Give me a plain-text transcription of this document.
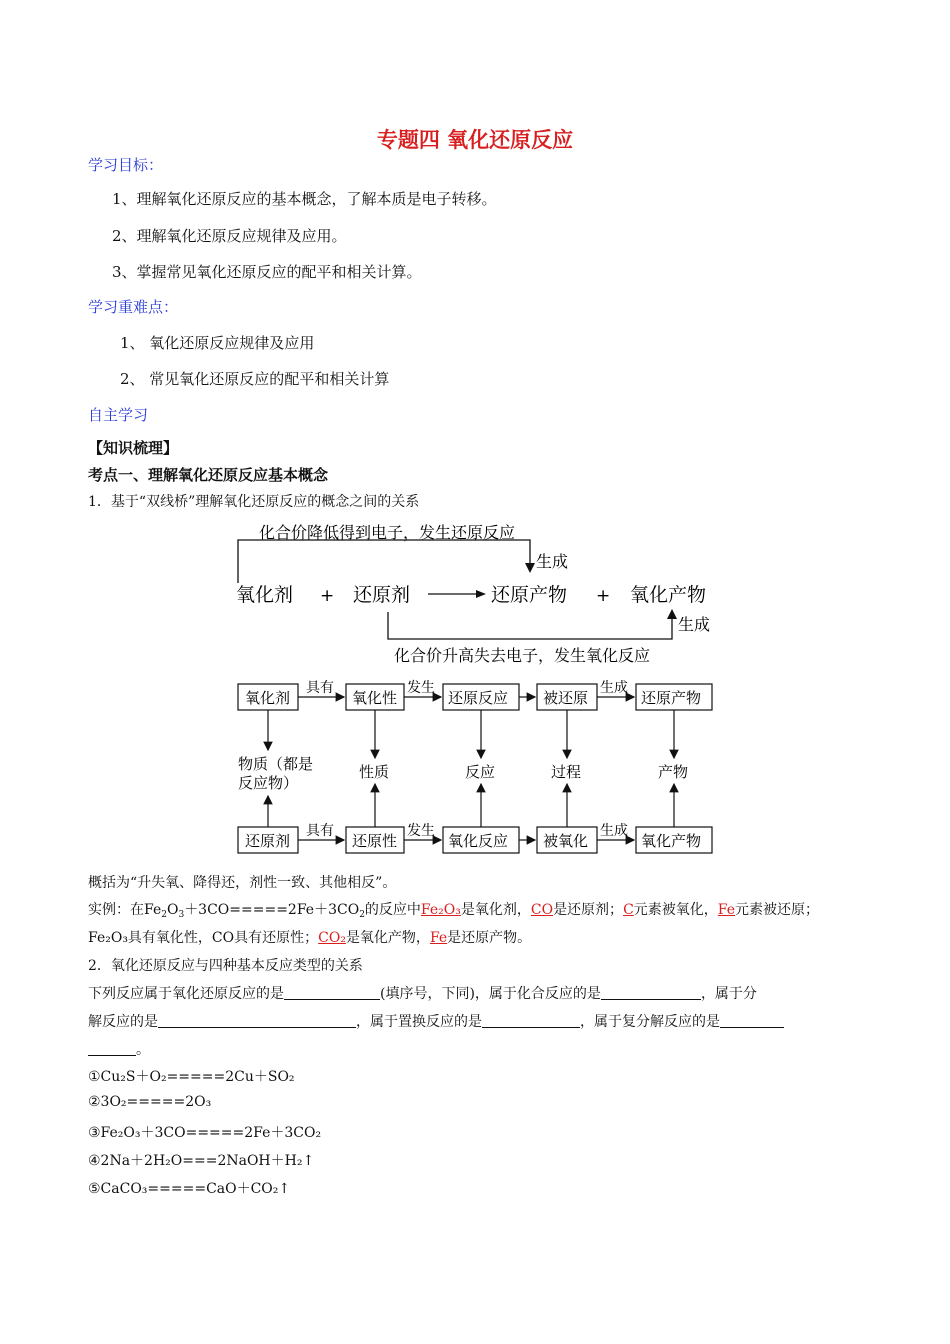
专题四 氧化还原反应
学习目标：
1、理解氧化还原反应的基本概念，了解本质是电子转移。
2、理解氧化还原反应规律及应用。
3、掌握常见氧化还原反应的配平和相关计算。
学习重难点：
1、 氧化还原反应规律及应用
2、 常见氧化还原反应的配平和相关计算
自主学习
【知识梳理】
考点一、理解氧化还原反应基本概念
1．基于“双线桥”理解氧化还原反应的概念之间的关系
化合价降低得到电子，发生还原反应
生成
氧化剂 + 还原剂	还原产物 + 氧化产物
生成
化合价升高失去电子，发生氧化反应
氧化剂	氧化性	还原反应 被还原	还原产物
具有	发生	生成
物质（都是
反应物）
性质	反应	过程	产物
还原剂	还原性	氧化反应 被氧化	氧化产物
具有	发生	生成
概括为“升失氧、降得还，剂性一致、其他相反”。
实例：在$Fe_2O_3+3CO=====2Fe+3CO_2$的反应中Fe₂O₃是氧化剂，CO是还原剂；C元素被氧化，Fe元素被还原；
Fe₂O₃具有氧化性，CO具有还原性；CO₂是氧化产物，Fe是还原产物。
2．氧化还原反应与四种基本反应类型的关系
下列反应属于氧化还原反应的是	(填序号，下同)，属于化合反应的是	，属于分
解反应的是	，属于置换反应的是	，属于复分解反应的是
。
①Cu₂S＋O₂=====2Cu＋SO₂
②3O₂=====2O₃
③Fe₂O₃＋3CO=====2Fe＋3CO₂
④2Na＋2H₂O===2NaOH＋H₂↑
⑤CaCO₃=====CaO＋CO₂↑
